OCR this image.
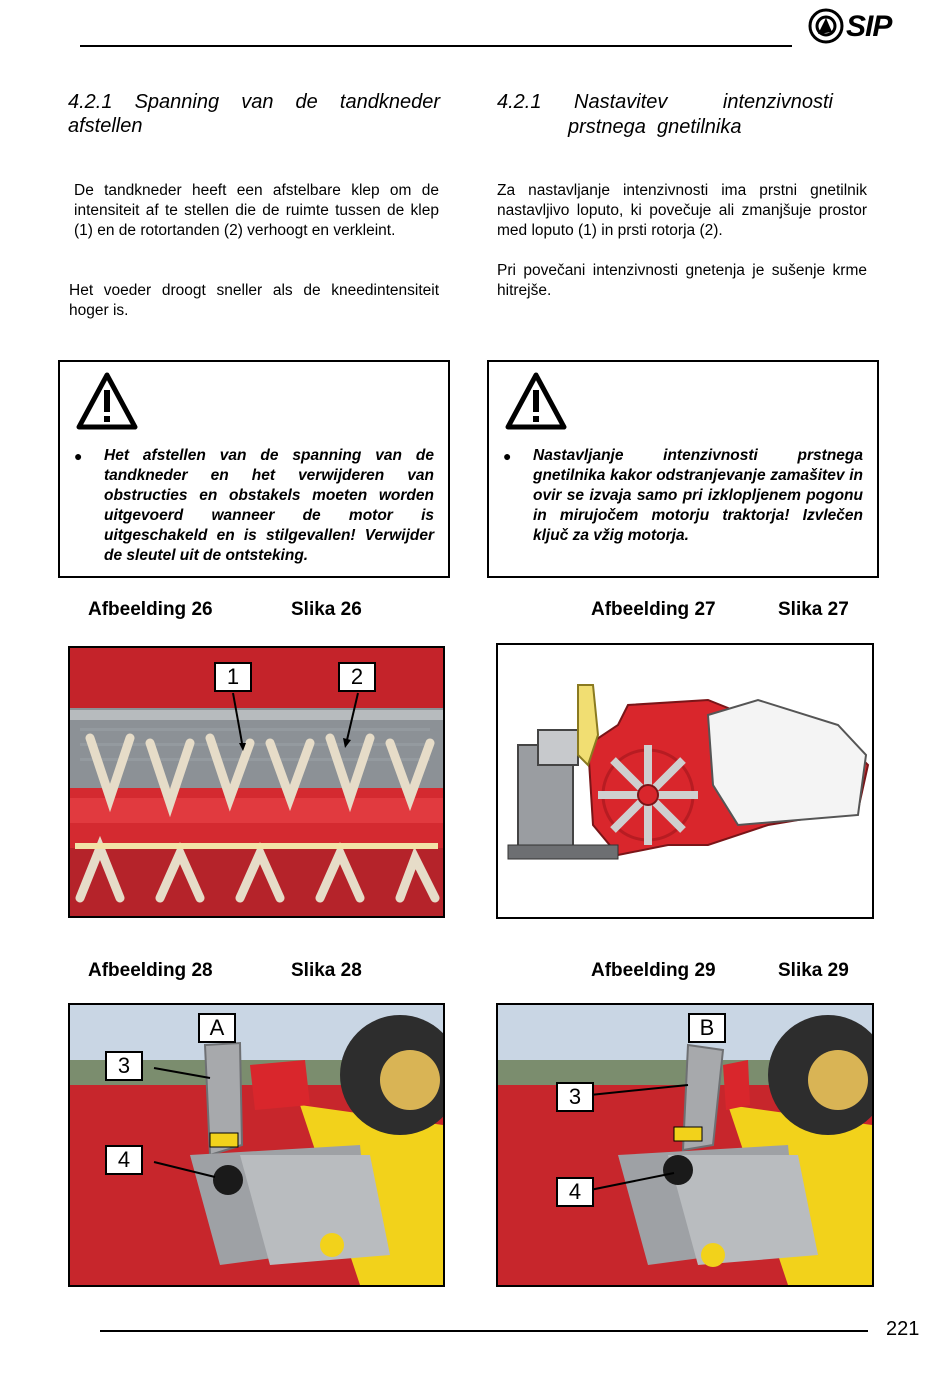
SIP
4.2.1 Spanning van de tandkneder afstellen
De tandkneder heeft een afstelbare klep om de intensiteit af te stellen die de ruimte tussen de klep (1) en de rotortanden (2) verhoogt en verkleint.
Het voeder droogt sneller als de kneedintensiteit hoger is.
4.2.1 Nastavitev          intenzivnosti
prstnega  gnetilnika
Za nastavljanje intenzivnosti ima prstni gnetilnik nastavljivo loputo, ki povečuje ali zmanjšuje prostor med loputo (1) in prsti rotorja (2).
Pri povečani intenzivnosti gnetenja je sušenje krme hitrejše.
● Het afstellen van de spanning van de tandkneder en het verwijderen van obstructies en obstakels moeten worden uitgevoerd wanneer de motor is uitgeschakeld en is stilgevallen! Verwijder de sleutel uit de ontsteking.
● Nastavljanje intenzivnosti prstnega gnetilnika kakor odstranjevanje zamašitev in ovir se izvaja samo pri izklopljenem pogonu in mirujočem motorju traktorja! Izvlečen ključ za vžig motorja.
Afbeelding 26	Slika 26	Afbeelding 27	Slika 27
1	2
Afbeelding 28	Slika 28	Afbeelding 29	Slika 29
A
3
4
B
3
4
221
